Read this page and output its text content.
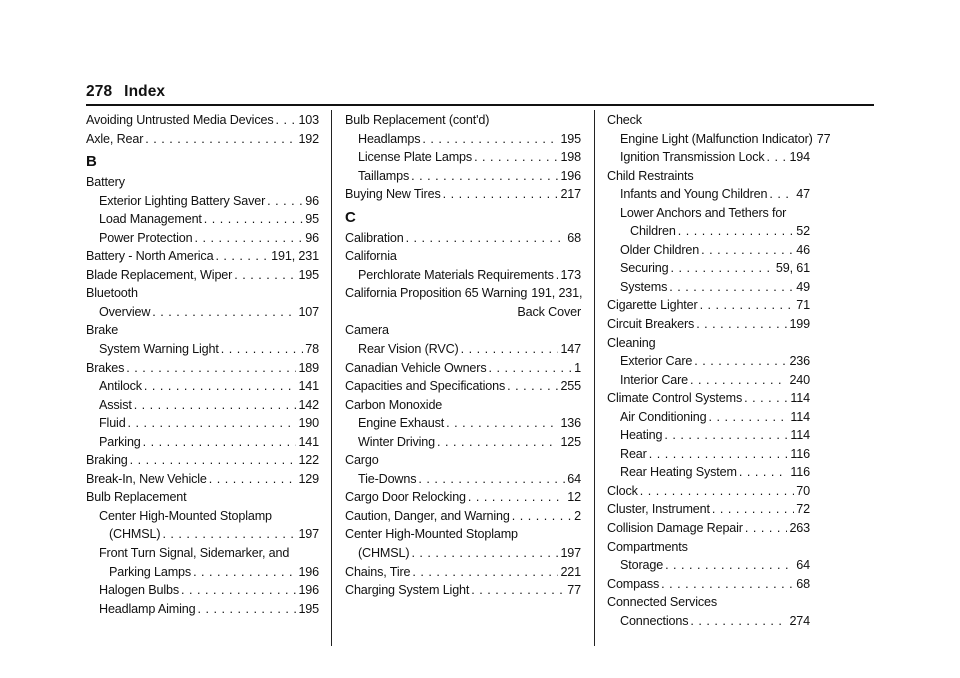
278 Index
Avoiding Untrusted Media Devices . . . 103
Axle, Rear . . .	192
B
Battery
Exterior Lighting Battery Saver . . .	96
Load Management . . .	95
Power Protection . . .	96
Battery - North America . . .	191, 231
Blade Replacement, Wiper . . .	195
Bluetooth
Overview . . .	107
Brake
System Warning Light . . .	78
Brakes . . .	189
Antilock . . .	141
Assist . . .	142
Fluid . . .	190
Parking . . .	141
Braking . . .	122
Break-In, New Vehicle . . .	129
Bulb Replacement
Center High-Mounted Stoplamp
(CHMSL) . . .	197
Front Turn Signal, Sidemarker, and
Parking Lamps . . .	196
Halogen Bulbs . . .	196
Headlamp Aiming . . .	195
Bulb Replacement (cont'd)
Headlamps . . .	195
License Plate Lamps . . .	198
Taillamps . . .	196
Buying New Tires . . .	217
C
Calibration . . .	68
California
Perchlorate Materials Requirements . . . 173
California Proposition 65 Warning 191, 231,
Back Cover
Camera
Rear Vision (RVC) . . .	147
Canadian Vehicle Owners . . .	1
Capacities and Specifications . . .	255
Carbon Monoxide
Engine Exhaust . . .	136
Winter Driving . . .	125
Cargo
Tie-Downs . . .	64
Cargo Door Relocking . . .	12
Caution, Danger, and Warning . . .	2
Center High-Mounted Stoplamp
(CHMSL) . . .	197
Chains, Tire . . .	221
Charging System Light . . .	77
Check
Engine Light (Malfunction Indicator) 77
Ignition Transmission Lock . . . 194
Child Restraints
Infants and Young Children . . . 47
Lower Anchors and Tethers for
Children . . .	52
Older Children . . .	46
Securing . . .	59, 61
Systems . . .	49
Cigarette Lighter . . .	71
Circuit Breakers . . .	199
Cleaning
Exterior Care . . .	236
Interior Care . . .	240
Climate Control Systems . . .	114
Air Conditioning . . .	114
Heating . . .	114
Rear . . .	116
Rear Heating System . . .	116
Clock . . .	70
Cluster, Instrument . . .	72
Collision Damage Repair . . .	263
Compartments
Storage . . .	64
Compass . . .	68
Connected Services
Connections . . .	274
